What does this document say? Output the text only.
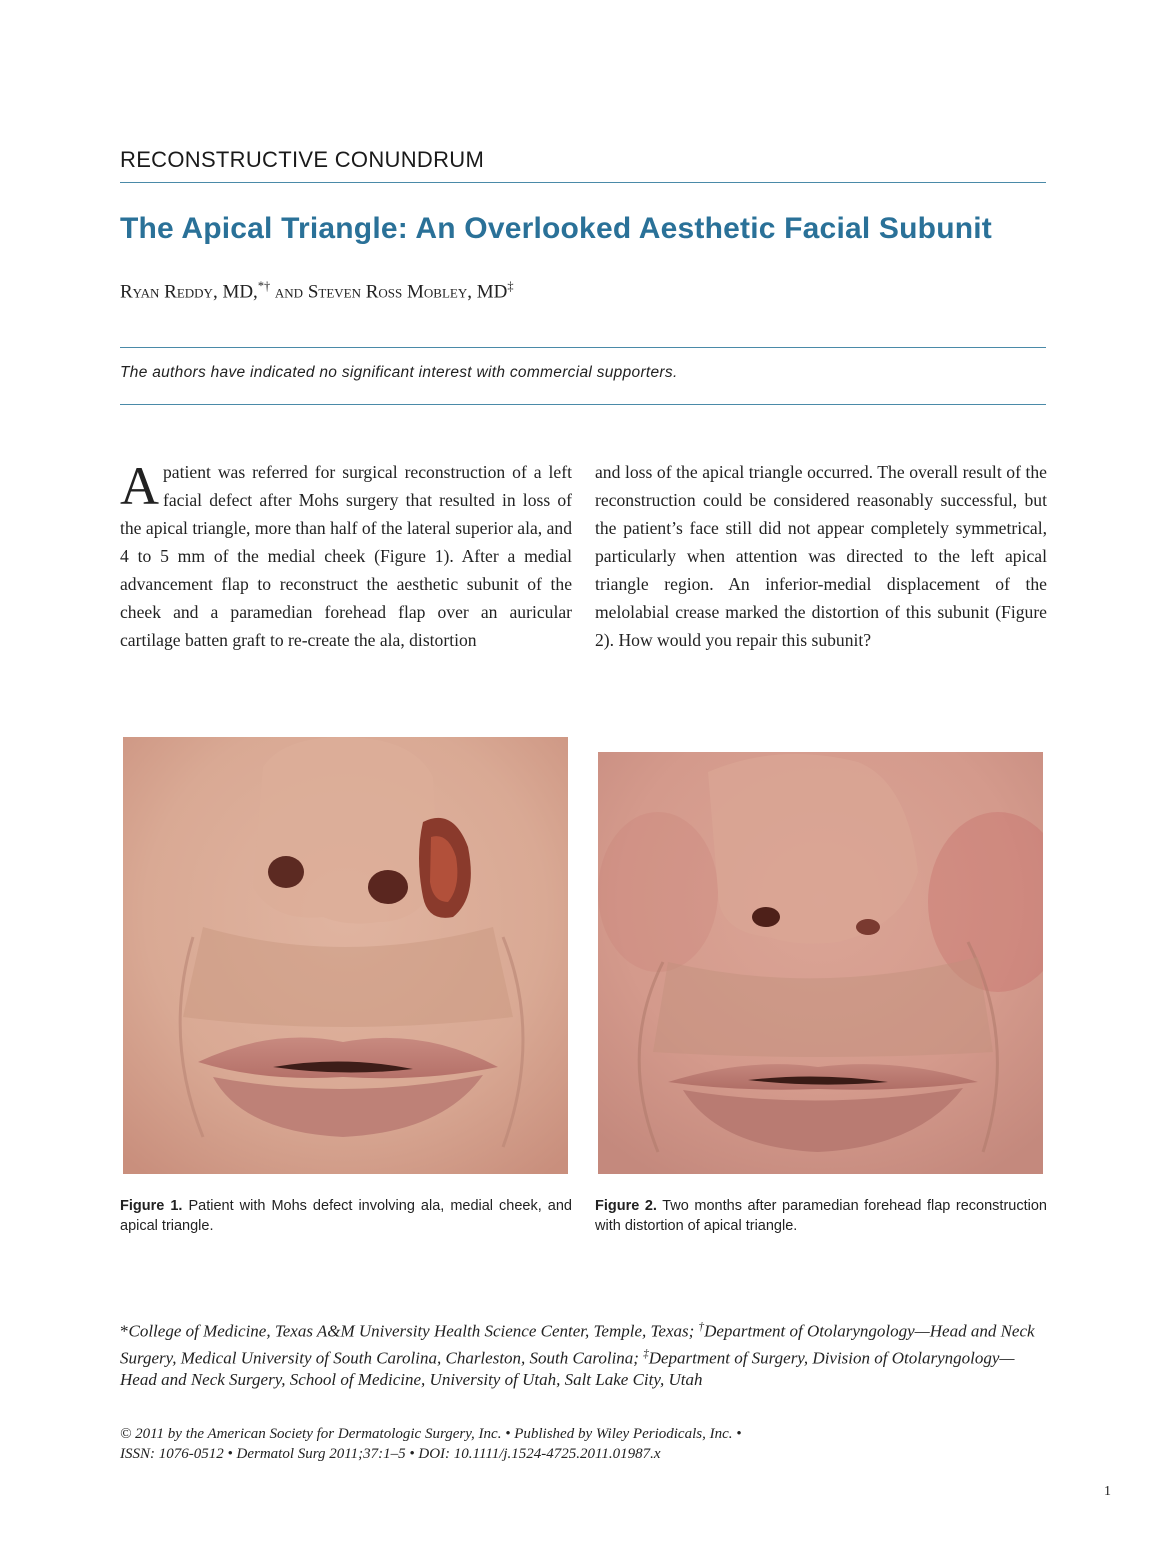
RECONSTRUCTIVE CONUNDRUM
The Apical Triangle: An Overlooked Aesthetic Facial Subunit
Ryan Reddy, MD,*† and Steven Ross Mobley, MD‡
The authors have indicated no significant interest with commercial supporters.
Apatient was referred for surgical reconstruction of a left facial defect after Mohs surgery that resulted in loss of the apical triangle, more than half of the lateral superior ala, and 4 to 5 mm of the medial cheek (Figure 1). After a medial advancement flap to reconstruct the aesthetic subunit of the cheek and a paramedian forehead flap over an auricular cartilage batten graft to re-create the ala, distortion
and loss of the apical triangle occurred. The overall result of the reconstruction could be considered reasonably successful, but the patient’s face still did not appear completely symmetrical, particularly when attention was directed to the left apical triangle region. An inferior-medial displacement of the melolabial crease marked the distortion of this subunit (Figure 2). How would you repair this subunit?
Figure 1. Patient with Mohs defect involving ala, medial cheek, and apical triangle.
Figure 2. Two months after paramedian forehead flap reconstruction with distortion of apical triangle.
*College of Medicine, Texas A&M University Health Science Center, Temple, Texas; †Department of Otolaryngology—Head and Neck Surgery, Medical University of South Carolina, Charleston, South Carolina; ‡Department of Surgery, Division of Otolaryngology—Head and Neck Surgery, School of Medicine, University of Utah, Salt Lake City, Utah
© 2011 by the American Society for Dermatologic Surgery, Inc. • Published by Wiley Periodicals, Inc. •
ISSN: 1076-0512 • Dermatol Surg 2011;37:1–5 • DOI: 10.1111/j.1524-4725.2011.01987.x
1
